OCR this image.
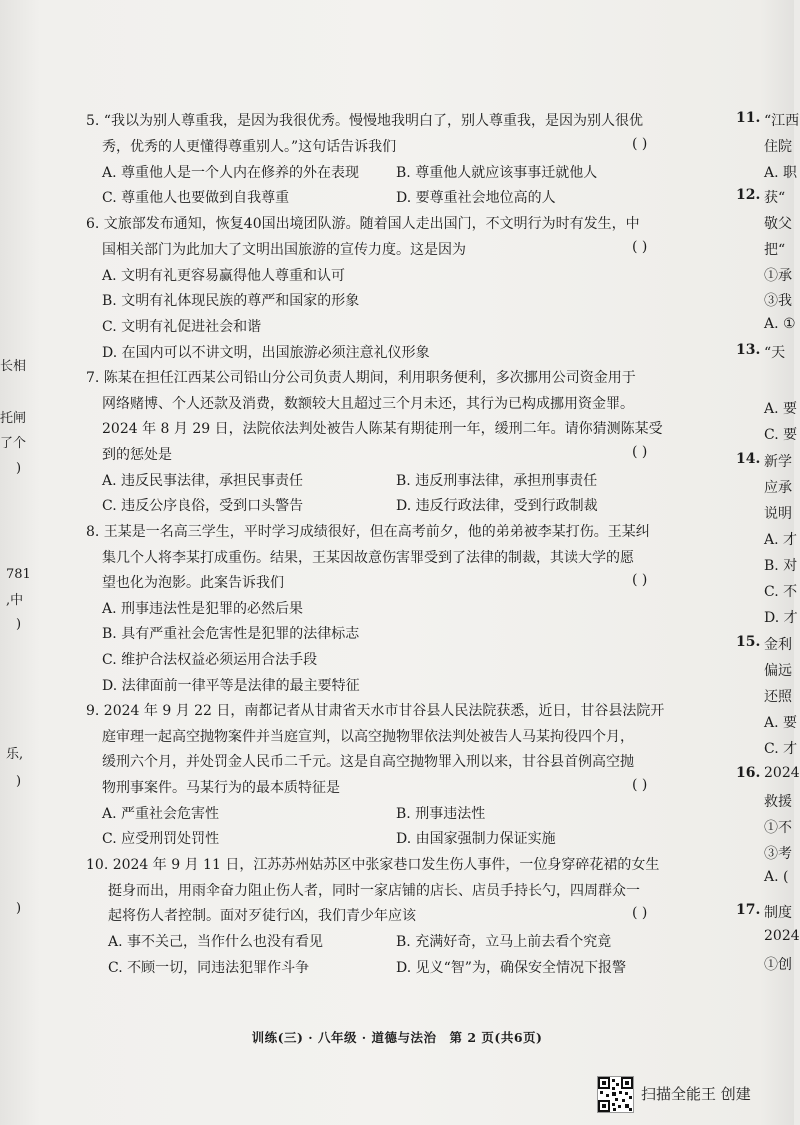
长相
托闸
了个
)
781
,中
)
乐,
)
)
5. “我以为别人尊重我，是因为我很优秀。慢慢地我明白了，别人尊重我，是因为别人很优
秀，优秀的人更懂得尊重别人。”这句话告诉我们	( )
A. 尊重他人是一个人内在修养的外在表现	B. 尊重他人就应该事事迁就他人
C. 尊重他人也要做到自我尊重	D. 要尊重社会地位高的人
6. 文旅部发布通知，恢复40国出境团队游。随着国人走出国门，不文明行为时有发生，中
国相关部门为此加大了文明出国旅游的宣传力度。这是因为	( )
A. 文明有礼更容易赢得他人尊重和认可
B. 文明有礼体现民族的尊严和国家的形象
C. 文明有礼促进社会和谐
D. 在国内可以不讲文明，出国旅游必须注意礼仪形象
7. 陈某在担任江西某公司铅山分公司负责人期间，利用职务便利，多次挪用公司资金用于
网络赌博、个人还款及消费，数额较大且超过三个月未还，其行为已构成挪用资金罪。
2024 年 8 月 29 日，法院依法判处被告人陈某有期徒刑一年，缓刑二年。请你猜测陈某受
到的惩处是	( )
A. 违反民事法律，承担民事责任	B. 违反刑事法律，承担刑事责任
C. 违反公序良俗，受到口头警告	D. 违反行政法律，受到行政制裁
8. 王某是一名高三学生，平时学习成绩很好，但在高考前夕，他的弟弟被李某打伤。王某纠
集几个人将李某打成重伤。结果，王某因故意伤害罪受到了法律的制裁，其读大学的愿
望也化为泡影。此案告诉我们	( )
A. 刑事违法性是犯罪的必然后果
B. 具有严重社会危害性是犯罪的法律标志
C. 维护合法权益必须运用合法手段
D. 法律面前一律平等是法律的最主要特征
9. 2024 年 9 月 22 日，南都记者从甘肃省天水市甘谷县人民法院获悉，近日，甘谷县法院开
庭审理一起高空抛物案件并当庭宣判，以高空抛物罪依法判处被告人马某拘役四个月，
缓刑六个月，并处罚金人民币二千元。这是自高空抛物罪入刑以来，甘谷县首例高空抛
物刑事案件。马某行为的最本质特征是	( )
A. 严重社会危害性	B. 刑事违法性
C. 应受刑罚处罚性	D. 由国家强制力保证实施
10. 2024 年 9 月 11 日，江苏苏州姑苏区中张家巷口发生伤人事件，一位身穿碎花裙的女生
挺身而出，用雨伞奋力阻止伤人者，同时一家店铺的店长、店员手持长勺，四周群众一
起将伤人者控制。面对歹徒行凶，我们青少年应该	( )
A. 事不关己，当作什么也没有看见	B. 充满好奇，立马上前去看个究竟
C. 不顾一切，同违法犯罪作斗争	D. 见义“智”为，确保安全情况下报警
11. “江西
住院
A. 职
12. 获“
敬父
把“
①承
③我
A. ①
13. “天
A. 要
C. 要
14. 新学
应承
说明
A. 才
B. 对
C. 不
D. 才
15. 金利
偏远
还照
A. 要
C. 才
16. 2024
救援
①不
③考
A. (
17. 制度
2024
①创
训练(三) · 八年级 · 道德与法治　第 2 页(共6页)
扫描全能王 创建
